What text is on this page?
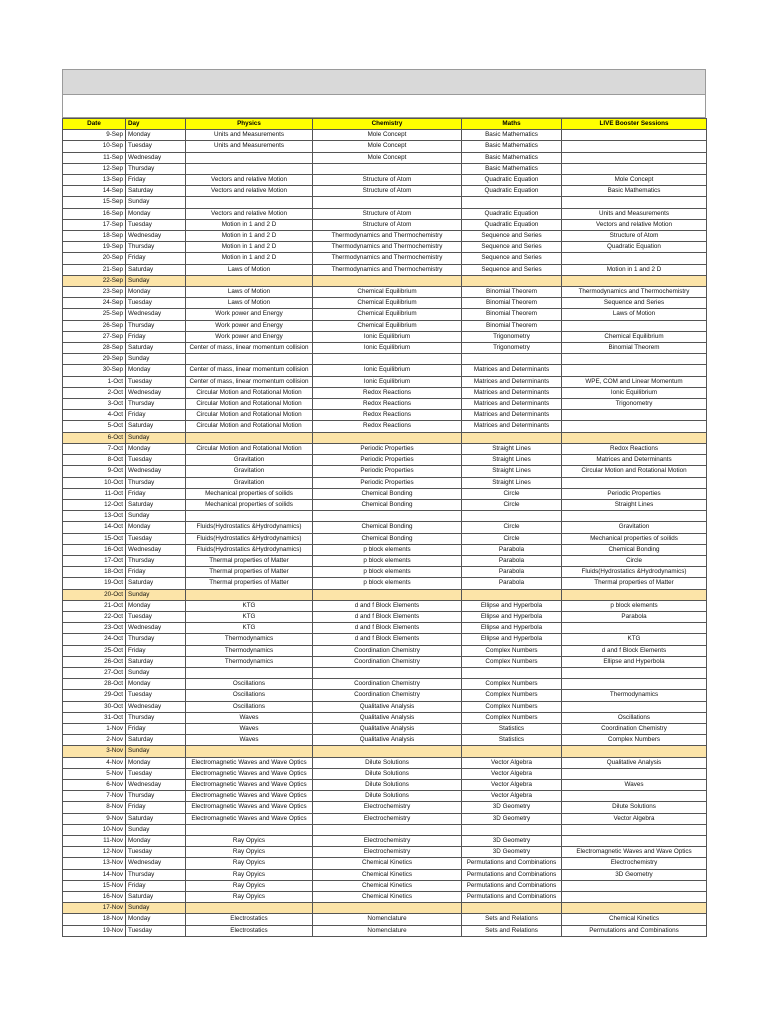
Date	Day	Physics	Chemistry	Maths	LIVE Booster Sessions
9-Sep	Monday	Units and Measurements	Mole Concept	Basic Mathematics	
10-Sep	Tuesday	Units and Measurements	Mole Concept	Basic Mathematics	
11-Sep	Wednesday		Mole Concept	Basic Mathematics	
12-Sep	Thursday			Basic Mathematics	
13-Sep	Friday	Vectors and relative Motion	Structure of Atom	Quadratic Equation	Mole Concept
14-Sep	Saturday	Vectors and relative Motion	Structure of Atom	Quadratic Equation	Basic Mathematics
15-Sep	Sunday				
16-Sep	Monday	Vectors and relative Motion	Structure of Atom	Quadratic Equation	Units and Measurements
17-Sep	Tuesday	Motion in 1 and 2 D	Structure of Atom	Quadratic Equation	Vectors and relative Motion
18-Sep	Wednesday	Motion in 1 and 2 D	Thermodynamics and Thermochemistry	Sequence and Series	Structure of Atom
19-Sep	Thursday	Motion in 1 and 2 D	Thermodynamics and Thermochemistry	Sequence and Series	Quadratic Equation
20-Sep	Friday	Motion in 1 and 2 D	Thermodynamics and Thermochemistry	Sequence and Series	
21-Sep	Saturday	Laws of Motion	Thermodynamics and Thermochemistry	Sequence and Series	Motion in 1 and 2 D
22-Sep	Sunday				
23-Sep	Monday	Laws of Motion	Chemical Equilibrium	Binomial Theorem	Thermodynamics and Thermochemistry
24-Sep	Tuesday	Laws of Motion	Chemical Equilibrium	Binomial Theorem	Sequence and Series
25-Sep	Wednesday	Work power and Energy	Chemical Equilibrium	Binomial Theorem	Laws of Motion
26-Sep	Thursday	Work power and Energy	Chemical Equilibrium	Binomial Theorem	
27-Sep	Friday	Work power and Energy	Ionic Equilibrium	Trigonometry	Chemical Equilibrium
28-Sep	Saturday	Center of mass, linear momentum collision	Ionic Equilibrium	Trigonometry	Binomial Theorem
29-Sep	Sunday				
30-Sep	Monday	Center of mass, linear momentum collision	Ionic Equilibrium	Matrices and Determinants	
1-Oct	Tuesday	Center of mass, linear momentum collision	Ionic Equilibrium	Matrices and Determinants	WPE, COM and Linear Momentum
2-Oct	Wednesday	Circular Motion and Rotational Motion	Redox Reactions	Matrices and Determinants	Ionic Equilibrium
3-Oct	Thursday	Circular Motion and Rotational Motion	Redox Reactions	Matrices and Determinants	Trigonometry
4-Oct	Friday	Circular Motion and Rotational Motion	Redox Reactions	Matrices and Determinants	
5-Oct	Saturday	Circular Motion and Rotational Motion	Redox Reactions	Matrices and Determinants	
6-Oct	Sunday				
7-Oct	Monday	Circular Motion and Rotational Motion	Periodic Properties	Straight Lines	Redox Reactions
8-Oct	Tuesday	Gravitation	Periodic Properties	Straight Lines	Matrices and Determinants
9-Oct	Wednesday	Gravitation	Periodic Properties	Straight Lines	Circular Motion and Rotational Motion
10-Oct	Thursday	Gravitation	Periodic Properties	Straight Lines	
11-Oct	Friday	Mechanical properties of soilids	Chemical Bonding	Circle	Periodic Properties
12-Oct	Saturday	Mechanical properties of soilids	Chemical Bonding	Circle	Straight Lines
13-Oct	Sunday				
14-Oct	Monday	Fluids(Hydrostatics &Hydrodynamics)	Chemical Bonding	Circle	Gravitation
15-Oct	Tuesday	Fluids(Hydrostatics &Hydrodynamics)	Chemical Bonding	Circle	Mechanical properties of soilids
16-Oct	Wednesday	Fluids(Hydrostatics &Hydrodynamics)	p block elements	Parabola	Chemical Bonding
17-Oct	Thursday	Thermal properties of Matter	p block elements	Parabola	Circle
18-Oct	Friday	Thermal properties of Matter	p block elements	Parabola	Fluids(Hydrostatics &Hydrodynamics)
19-Oct	Saturday	Thermal properties of Matter	p block elements	Parabola	Thermal properties of Matter
20-Oct	Sunday				
21-Oct	Monday	KTG	d and f Block Elements	Ellipse and Hyperbola	p block elements
22-Oct	Tuesday	KTG	d and f Block Elements	Ellipse and Hyperbola	Parabola
23-Oct	Wednesday	KTG	d and f Block Elements	Ellipse and Hyperbola	
24-Oct	Thursday	Thermodynamics	d and f Block Elements	Ellipse and Hyperbola	KTG
25-Oct	Friday	Thermodynamics	Coordination Chemistry	Complex Numbers	d and f Block Elements
26-Oct	Saturday	Thermodynamics	Coordination Chemistry	Complex Numbers	Ellipse and Hyperbola
27-Oct	Sunday				
28-Oct	Monday	Oscillations	Coordination Chemistry	Complex Numbers	
29-Oct	Tuesday	Oscillations	Coordination Chemistry	Complex Numbers	Thermodynamics
30-Oct	Wednesday	Oscillations	Qualitative Analysis	Complex Numbers	
31-Oct	Thursday	Waves	Qualitative Analysis	Complex Numbers	Oscillations
1-Nov	Friday	Waves	Qualitative Analysis	Statistics	Coordination Chemistry
2-Nov	Saturday	Waves	Qualitative Analysis	Statistics	Complex Numbers
3-Nov	Sunday				
4-Nov	Monday	Electromagnetic Waves and Wave Optics	Dilute Solutions	Vector Algebra	Qualitative Analysis
5-Nov	Tuesday	Electromagnetic Waves and Wave Optics	Dilute Solutions	Vector Algebra	
6-Nov	Wednesday	Electromagnetic Waves and Wave Optics	Dilute Solutions	Vector Algebra	Waves
7-Nov	Thursday	Electromagnetic Waves and Wave Optics	Dilute Solutions	Vector Algebra	
8-Nov	Friday	Electromagnetic Waves and Wave Optics	Electrochemistry	3D Geometry	Dilute Solutions
9-Nov	Saturday	Electromagnetic Waves and Wave Optics	Electrochemistry	3D Geometry	Vector Algebra
10-Nov	Sunday				
11-Nov	Monday	Ray Opyics	Electrochemistry	3D Geometry	
12-Nov	Tuesday	Ray Opyics	Electrochemistry	3D Geometry	Electromagnetic Waves and Wave Optics
13-Nov	Wednesday	Ray Opyics	Chemical Kinetics	Permutations and Combinations	Electrochemistry
14-Nov	Thursday	Ray Opyics	Chemical Kinetics	Permutations and Combinations	3D Geometry
15-Nov	Friday	Ray Opyics	Chemical Kinetics	Permutations and Combinations	
16-Nov	Saturday	Ray Opyics	Chemical Kinetics	Permutations and Combinations	
17-Nov	Sunday				
18-Nov	Monday	Electrostatics	Nomenclature	Sets and Relations	Chemical Kinetics
19-Nov	Tuesday	Electrostatics	Nomenclature	Sets and Relations	Permutations and Combinations
